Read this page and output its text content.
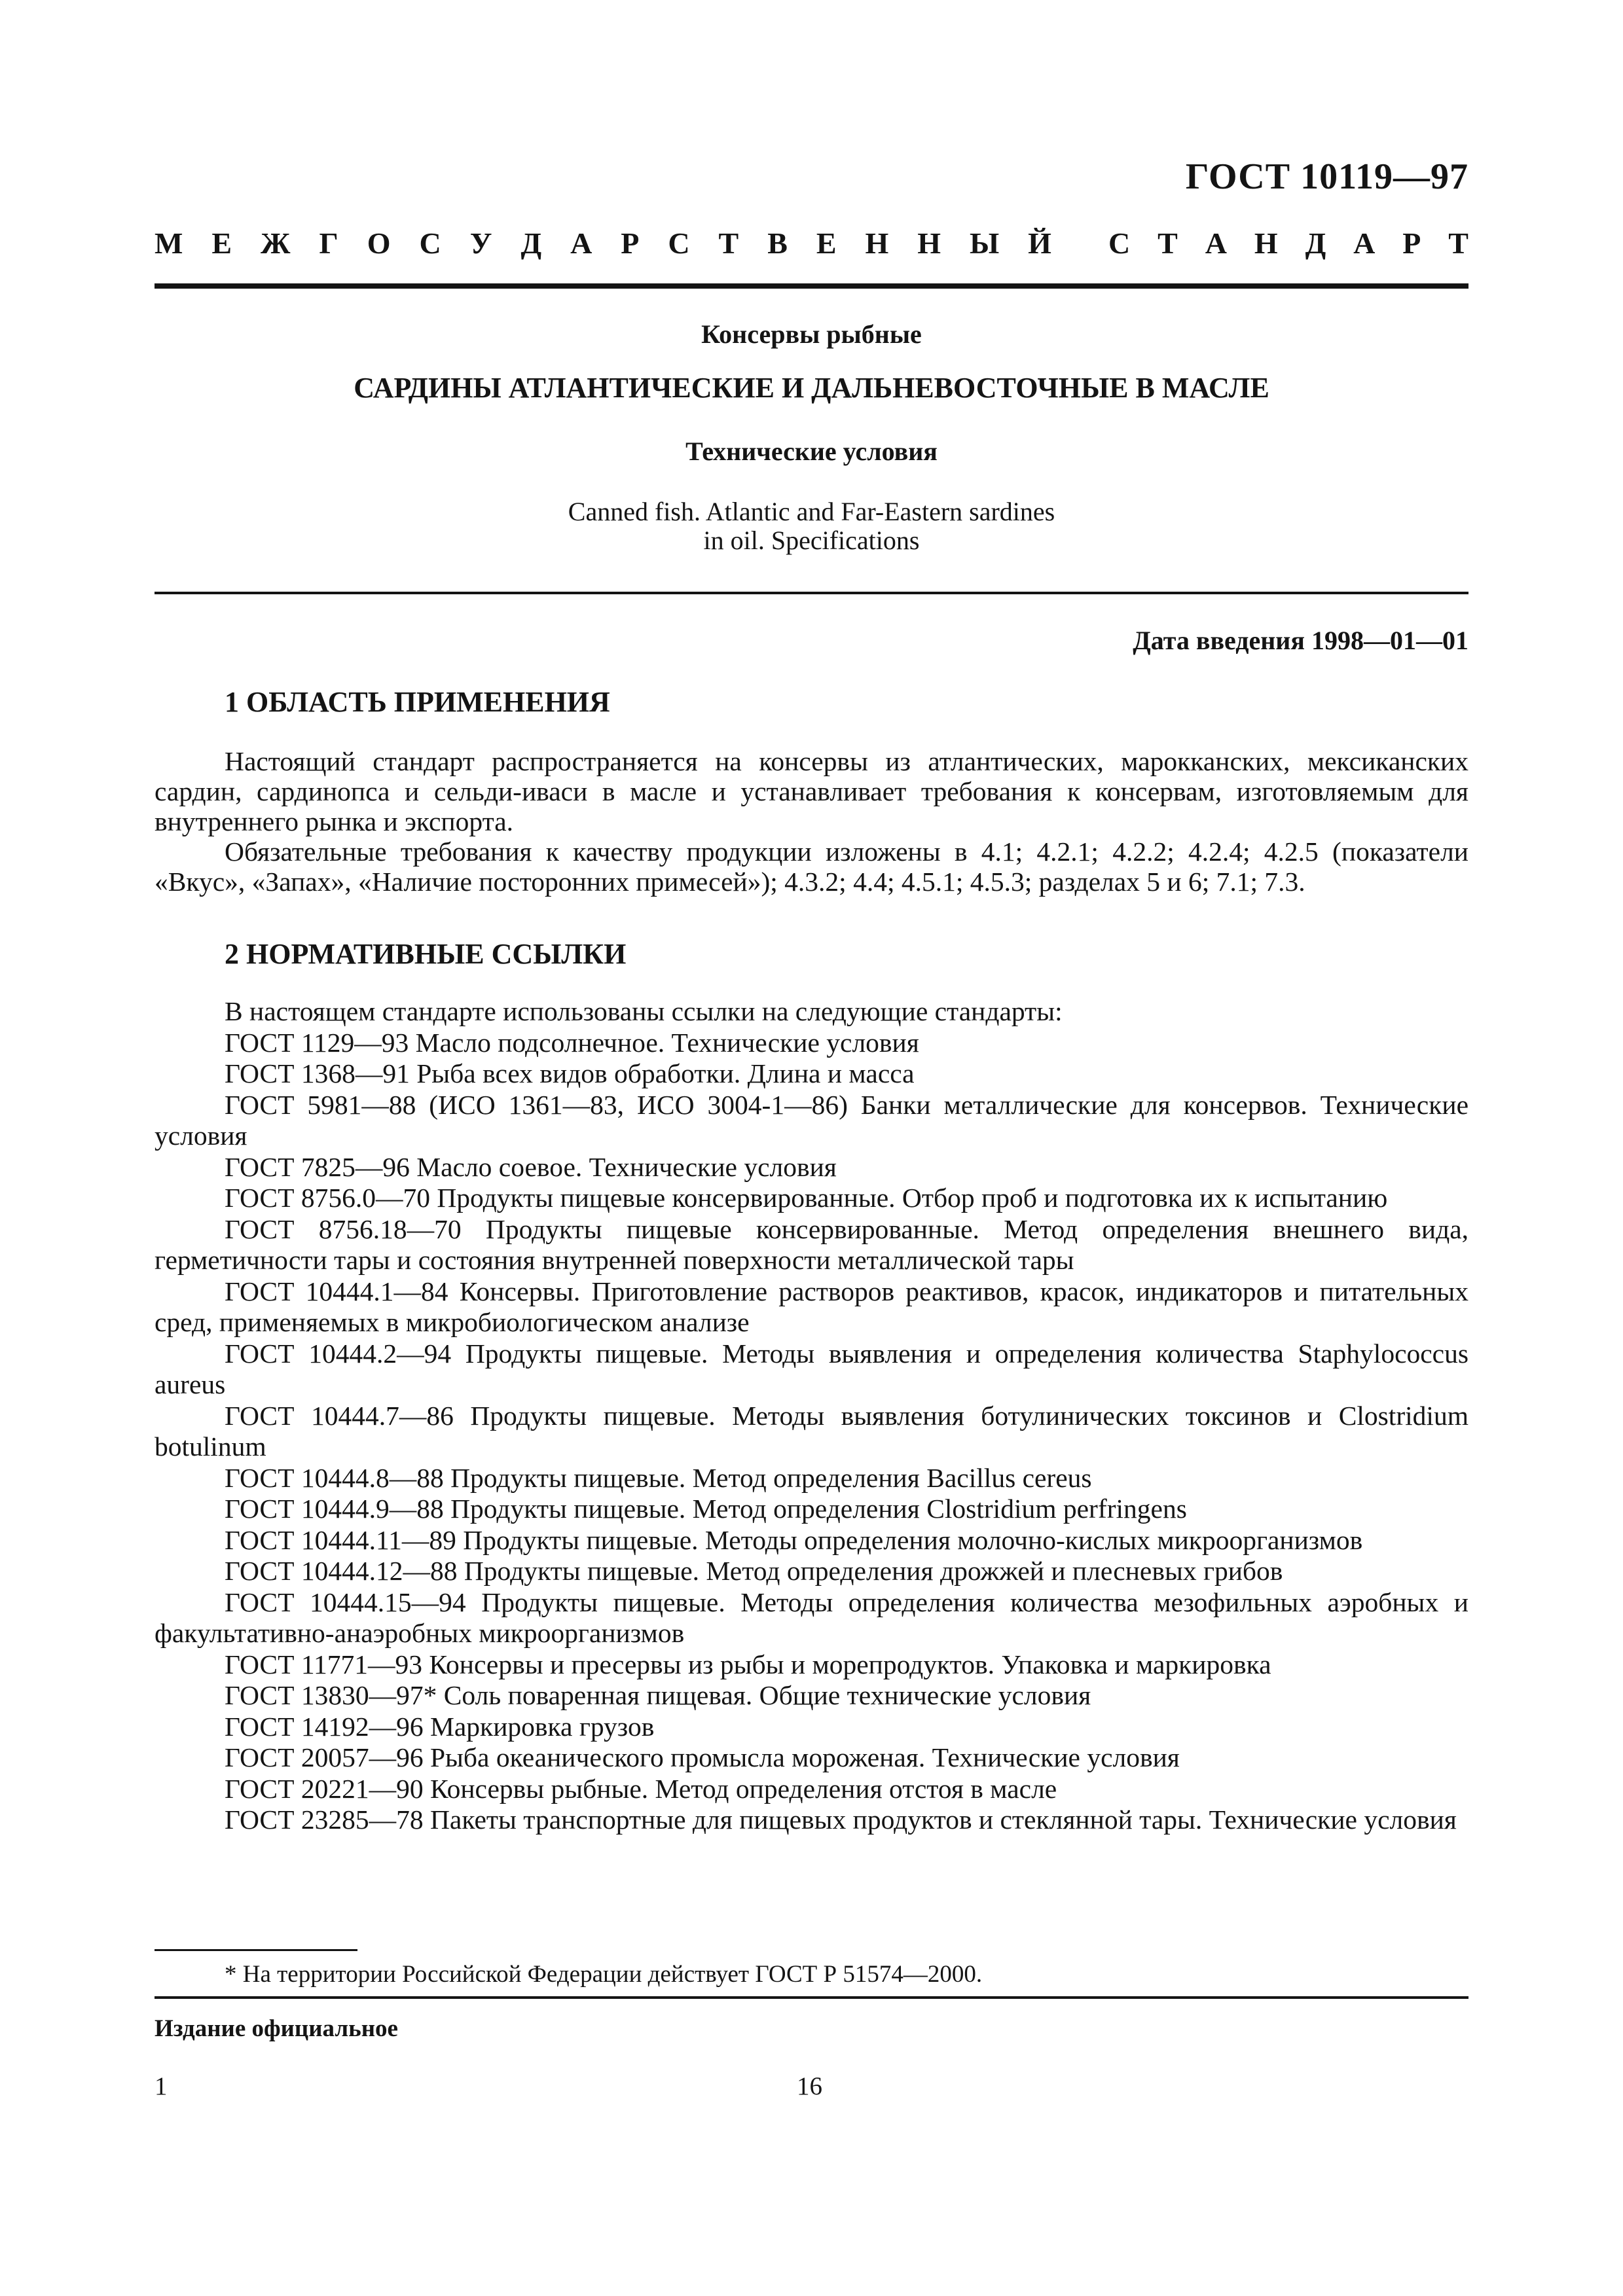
ГОСТ 10119—97
М Е Ж Г О С У Д А Р С Т В Е Н Н Ы Й С Т А Н Д А Р Т
Консервы рыбные
САРДИНЫ АТЛАНТИЧЕСКИЕ И ДАЛЬНЕВОСТОЧНЫЕ В МАСЛЕ
Технические условия
Canned fish. Atlantic and Far-Eastern sardines
in oil. Specifications
Дата введения 1998—01—01
1 ОБЛАСТЬ ПРИМЕНЕНИЯ

Настоящий стандарт распространяется на консервы из атлантических, марокканских, мексиканских сардин, сардинопса и сельди-иваси в масле и устанавливает требования к консервам, изготовляемым для внутреннего рынка и экспорта.

Обязательные требования к качеству продукции изложены в 4.1; 4.2.1; 4.2.2; 4.2.4; 4.2.5 (показатели «Вкус», «Запах», «Наличие посторонних примесей»); 4.3.2; 4.4; 4.5.1; 4.5.3; разделах 5 и 6; 7.1; 7.3.

2 НОРМАТИВНЫЕ ССЫЛКИ
В настоящем стандарте использованы ссылки на следующие стандарты:
ГОСТ 1129—93 Масло подсолнечное. Технические условия
ГОСТ 1368—91 Рыба всех видов обработки. Длина и масса
ГОСТ 5981—88 (ИСО 1361—83, ИСО 3004-1—86) Банки металлические для консервов. Технические условия
ГОСТ 7825—96 Масло соевое. Технические условия
ГОСТ 8756.0—70 Продукты пищевые консервированные. Отбор проб и подготовка их к испытанию
ГОСТ 8756.18—70 Продукты пищевые консервированные. Метод определения внешнего вида, герметичности тары и состояния внутренней поверхности металлической тары
ГОСТ 10444.1—84 Консервы. Приготовление растворов реактивов, красок, индикаторов и питательных сред, применяемых в микробиологическом анализе
ГОСТ 10444.2—94 Продукты пищевые. Методы выявления и определения количества Staphylococcus aureus
ГОСТ 10444.7—86 Продукты пищевые. Методы выявления ботулинических токсинов и Clostridium botulinum
ГОСТ 10444.8—88 Продукты пищевые. Метод определения Bacillus cereus
ГОСТ 10444.9—88 Продукты пищевые. Метод определения Clostridium perfringens
ГОСТ 10444.11—89 Продукты пищевые. Методы определения молочно-кислых микроорганизмов
ГОСТ 10444.12—88 Продукты пищевые. Метод определения дрожжей и плесневых грибов
ГОСТ 10444.15—94 Продукты пищевые. Методы определения количества мезофильных аэробных и факультативно-анаэробных микроорганизмов
ГОСТ 11771—93 Консервы и пресервы из рыбы и морепродуктов. Упаковка и маркировка
ГОСТ 13830—97* Соль поваренная пищевая. Общие технические условия
ГОСТ 14192—96 Маркировка грузов
ГОСТ 20057—96 Рыба океанического промысла мороженая. Технические условия
ГОСТ 20221—90 Консервы рыбные. Метод определения отстоя в масле
ГОСТ 23285—78 Пакеты транспортные для пищевых продуктов и стеклянной тары. Технические условия
* На территории Российской Федерации действует ГОСТ Р 51574—2000.
Издание официальное
1	16
